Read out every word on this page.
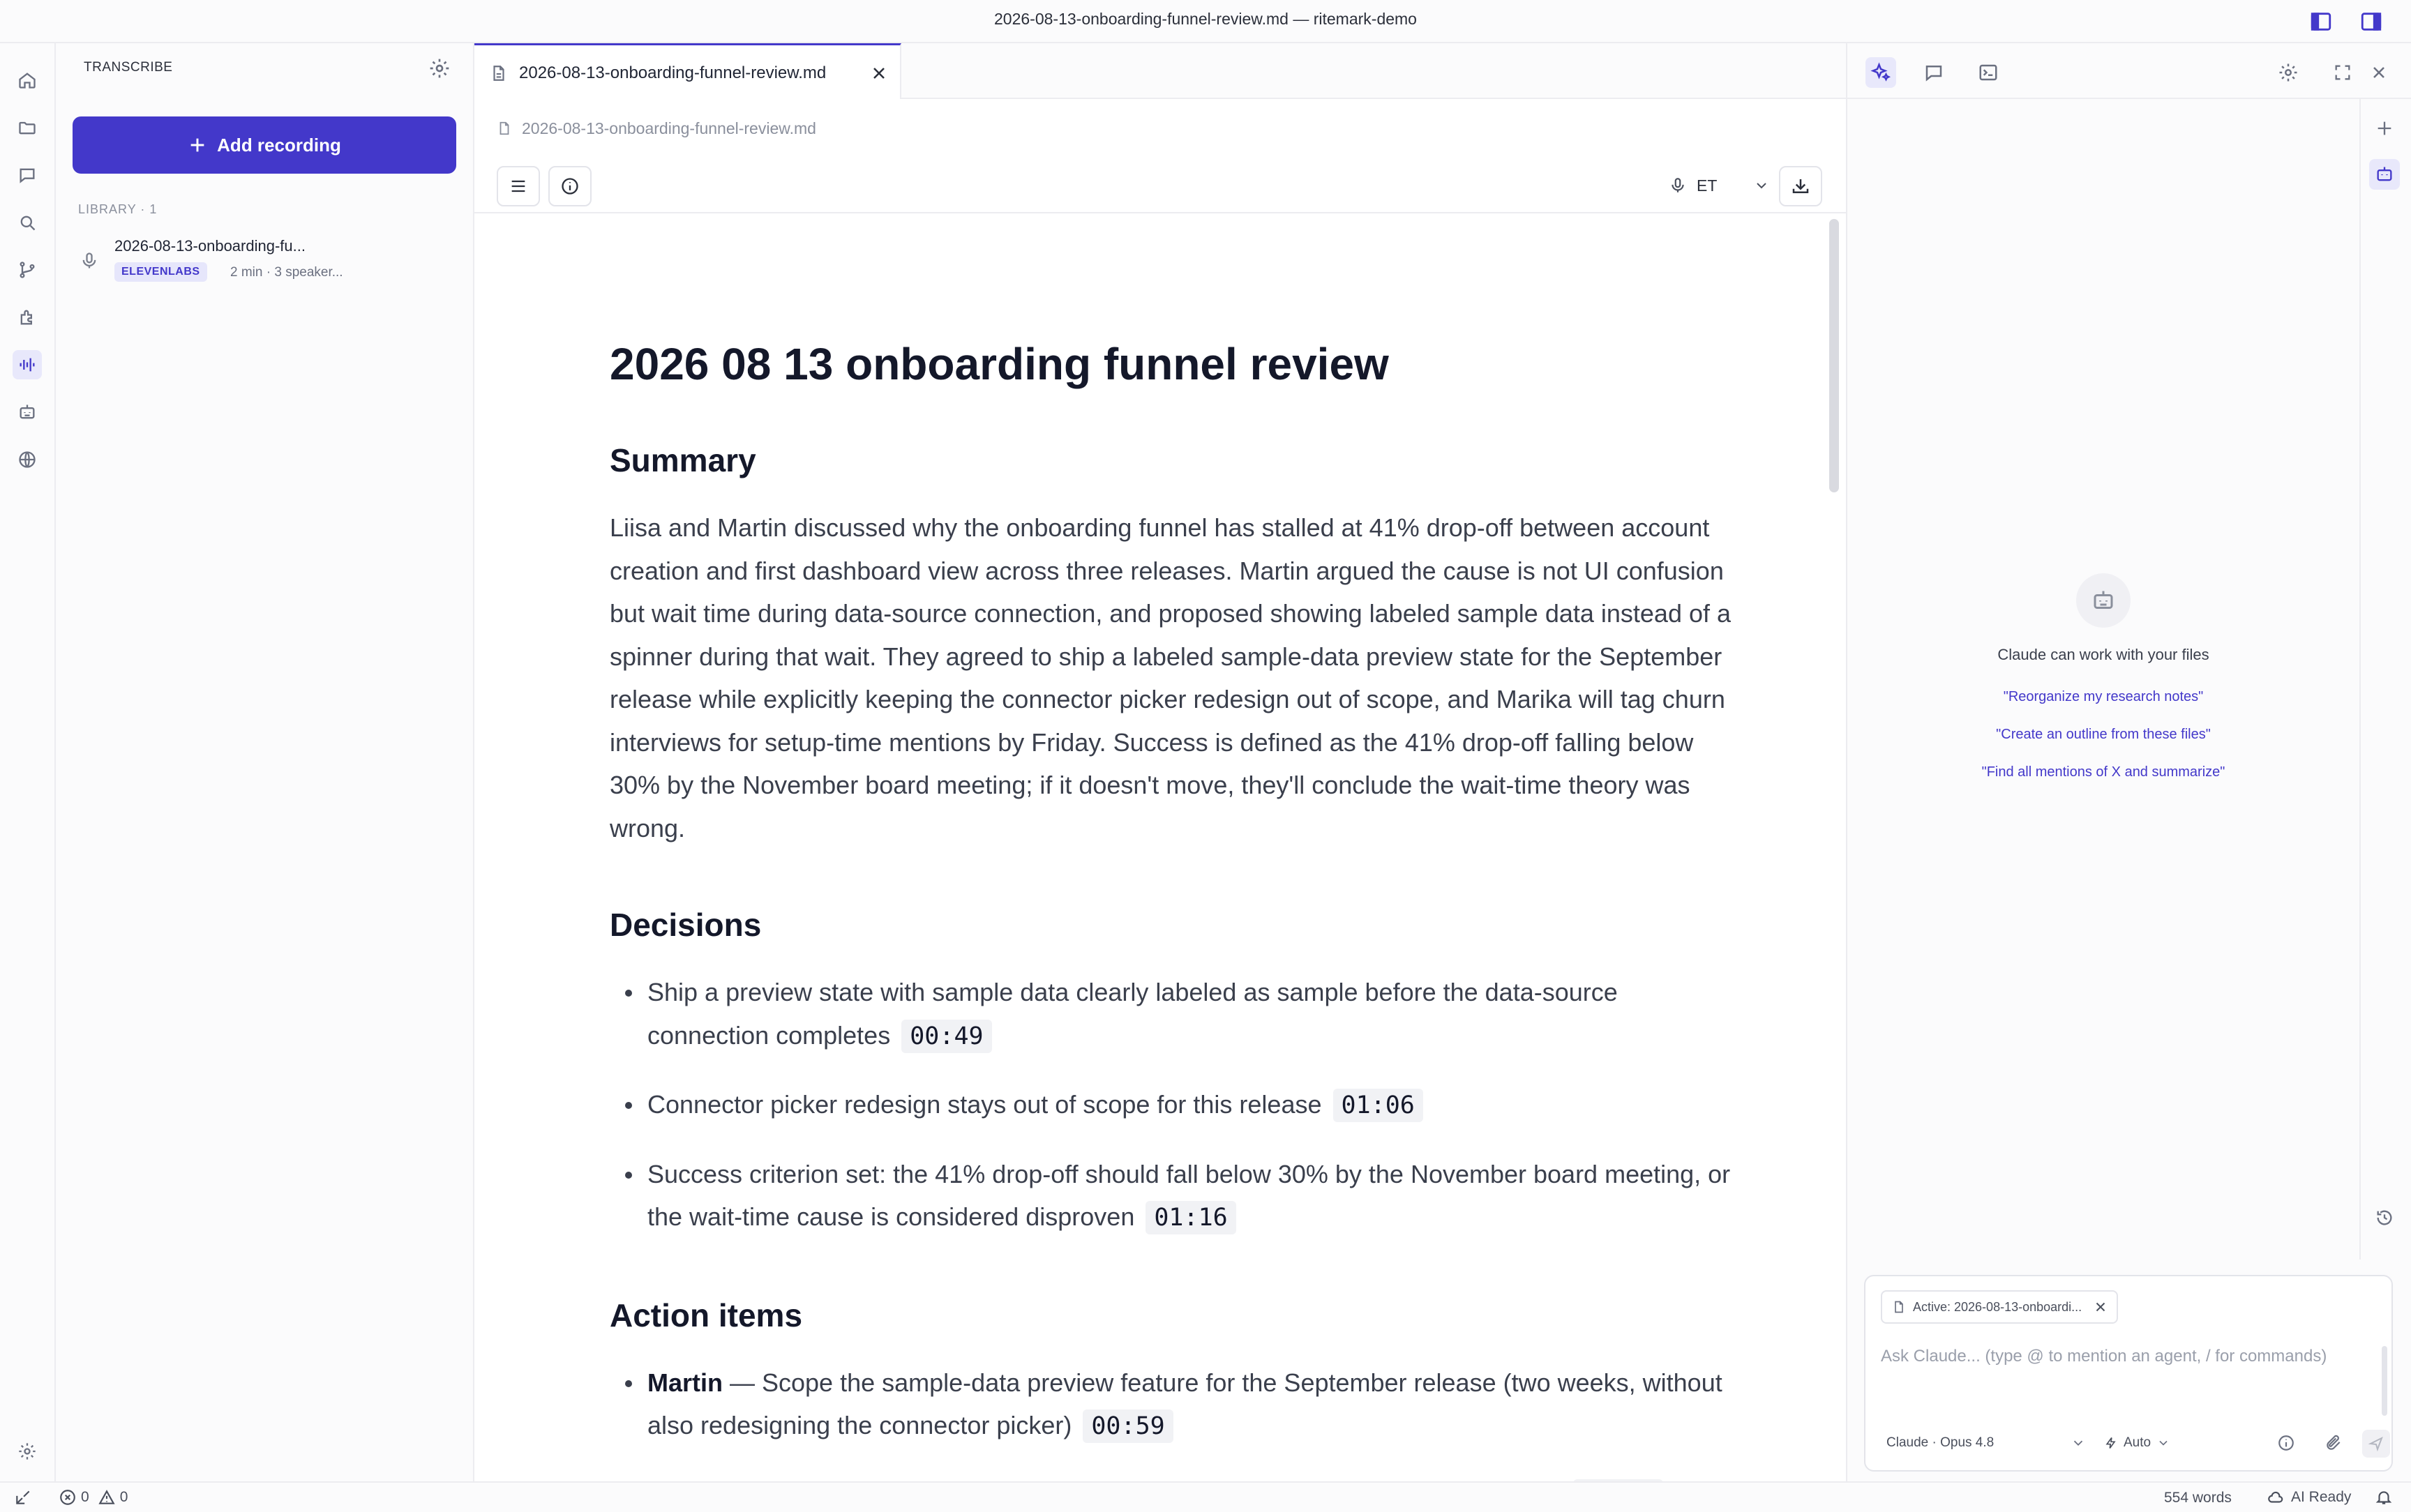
2026-08-13-onboarding-funnel-review.md — ritemark-demo
TRANSCRIBE
Add recording
LIBRARY · 1
2026-08-13-onboarding-fu...
ELEVENLABS	2 min · 3 speaker...
2026-08-13-onboarding-funnel-review.md
2026-08-13-onboarding-funnel-review.md
ET
2026 08 13 onboarding funnel review
Summary

Liisa and Martin discussed why the onboarding funnel has stalled at 41% drop-off between account creation and first dashboard view across three releases. Martin argued the cause is not UI confusion but wait time during data-source connection, and proposed showing labeled sample data instead of a spinner during that wait. They agreed to ship a labeled sample-data preview state for the September release while explicitly keeping the connector picker redesign out of scope, and Marika will tag churn interviews for setup-time mentions by Friday. Success is defined as the 41% drop-off falling below 30% by the November board meeting; if it doesn't move, they'll conclude the wait-time theory was wrong.

Decisions
Ship a preview state with sample data clearly labeled as sample before the data-source connection completes 00:49
Connector picker redesign stays out of scope for this release 01:06
Success criterion set: the 41% drop-off should fall below 30% by the November board meeting, or the wait-time cause is considered disproven 01:16
Action items
Martin — Scope the sample-data preview feature for the September release (two weeks, without also redesigning the connector picker) 00:59
Claude can work with your files
"Reorganize my research notes"
"Create an outline from these files"
"Find all mentions of X and summarize"
Active: 2026-08-13-onboardi...
Ask Claude... (type @ to mention an agent, / for commands)
Claude · Opus 4.8	Auto
0 0	554 words	AI Ready
